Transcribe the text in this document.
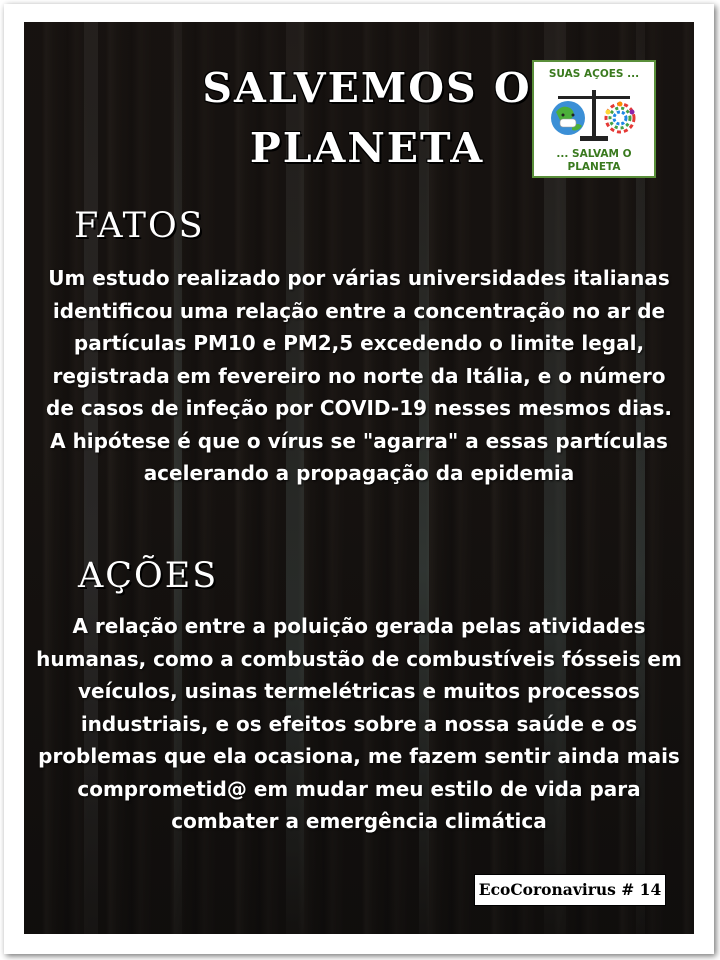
SALVEMOS O
PLANETA
SUAS AÇOES ...
... SALVAM O
PLANETA
FATOS
Um estudo realizado por várias universidades italianas identificou uma relação entre a concentração no ar de partículas PM10 e PM2,5 excedendo o limite legal, registrada em fevereiro no norte da Itália, e o número de casos de infeção por COVID-19 nesses mesmos dias. A hipótese é que o vírus se "agarra" a essas partículas acelerando a propagação da epidemia
AÇÕES
A relação entre a poluição gerada pelas atividades humanas, como a combustão de combustíveis fósseis em veículos, usinas termelétricas e muitos processos industriais, e os efeitos sobre a nossa saúde e os problemas que ela ocasiona, me fazem sentir ainda mais comprometid@ em mudar meu estilo de vida para combater a emergência climática
EcoCoronavirus # 14
